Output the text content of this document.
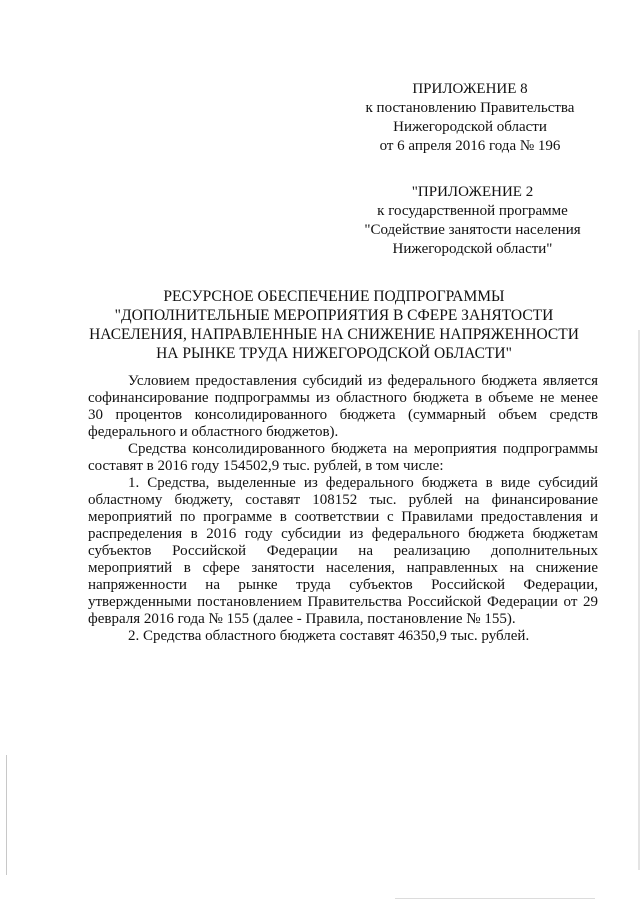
ПРИЛОЖЕНИЕ 8
к постановлению Правительства
Нижегородской области
от 6 апреля 2016 года № 196
"ПРИЛОЖЕНИЕ 2
к государственной программе
"Содействие занятости населения
Нижегородской области"
РЕСУРСНОЕ ОБЕСПЕЧЕНИЕ ПОДПРОГРАММЫ
"ДОПОЛНИТЕЛЬНЫЕ МЕРОПРИЯТИЯ В СФЕРЕ ЗАНЯТОСТИ
НАСЕЛЕНИЯ, НАПРАВЛЕННЫЕ НА СНИЖЕНИЕ НАПРЯЖЕННОСТИ
НА РЫНКЕ ТРУДА НИЖЕГОРОДСКОЙ ОБЛАСТИ"
Условием предоставления субсидий из федерального бюджета является
софинансирование подпрограммы из областного бюджета в объеме не менее
30 процентов консолидированного бюджета (суммарный объем средств
федерального и областного бюджетов).
Средства консолидированного бюджета на мероприятия подпрограммы
составят в 2016 году 154502,9 тыс. рублей, в том числе:
1. Средства, выделенные из федерального бюджета в виде субсидий
областному бюджету, составят 108152 тыс. рублей на финансирование
мероприятий по программе в соответствии с Правилами предоставления и
распределения в 2016 году субсидии из федерального бюджета бюджетам
субъектов Российской Федерации на реализацию дополнительных
мероприятий в сфере занятости населения, направленных на снижение
напряженности на рынке труда субъектов Российской Федерации,
утвержденными постановлением Правительства Российской Федерации от 29
февраля 2016 года № 155 (далее - Правила, постановление № 155).
2. Средства областного бюджета составят 46350,9 тыс. рублей.
